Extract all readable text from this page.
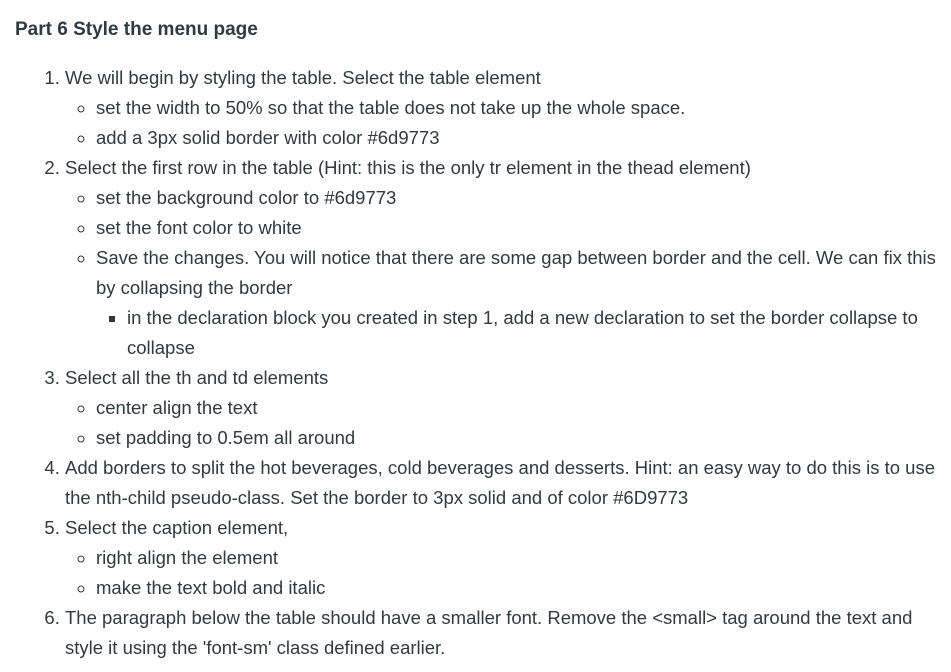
Part 6 Style the menu page
1. We will begin by styling the table. Select the table element
◦ set the width to 50% so that the table does not take up the whole space.
◦ add a 3px solid border with color #6d9773
2. Select the first row in the table (Hint: this is the only tr element in the thead element)
◦ set the background color to #6d9773
◦ set the font color to white
◦ Save the changes. You will notice that there are some gap between border and the cell. We can fix this by collapsing the border
▪ in the declaration block you created in step 1, add a new declaration to set the border collapse to collapse
3. Select all the th and td elements
◦ center align the text
◦ set padding to 0.5em all around
4. Add borders to split the hot beverages, cold beverages and desserts. Hint: an easy way to do this is to use the nth-child pseudo-class. Set the border to 3px solid and of color #6D9773
5. Select the caption element,
◦ right align the element
◦ make the text bold and italic
6. The paragraph below the table should have a smaller font. Remove the <small> tag around the text and style it using the 'font-sm' class defined earlier.
